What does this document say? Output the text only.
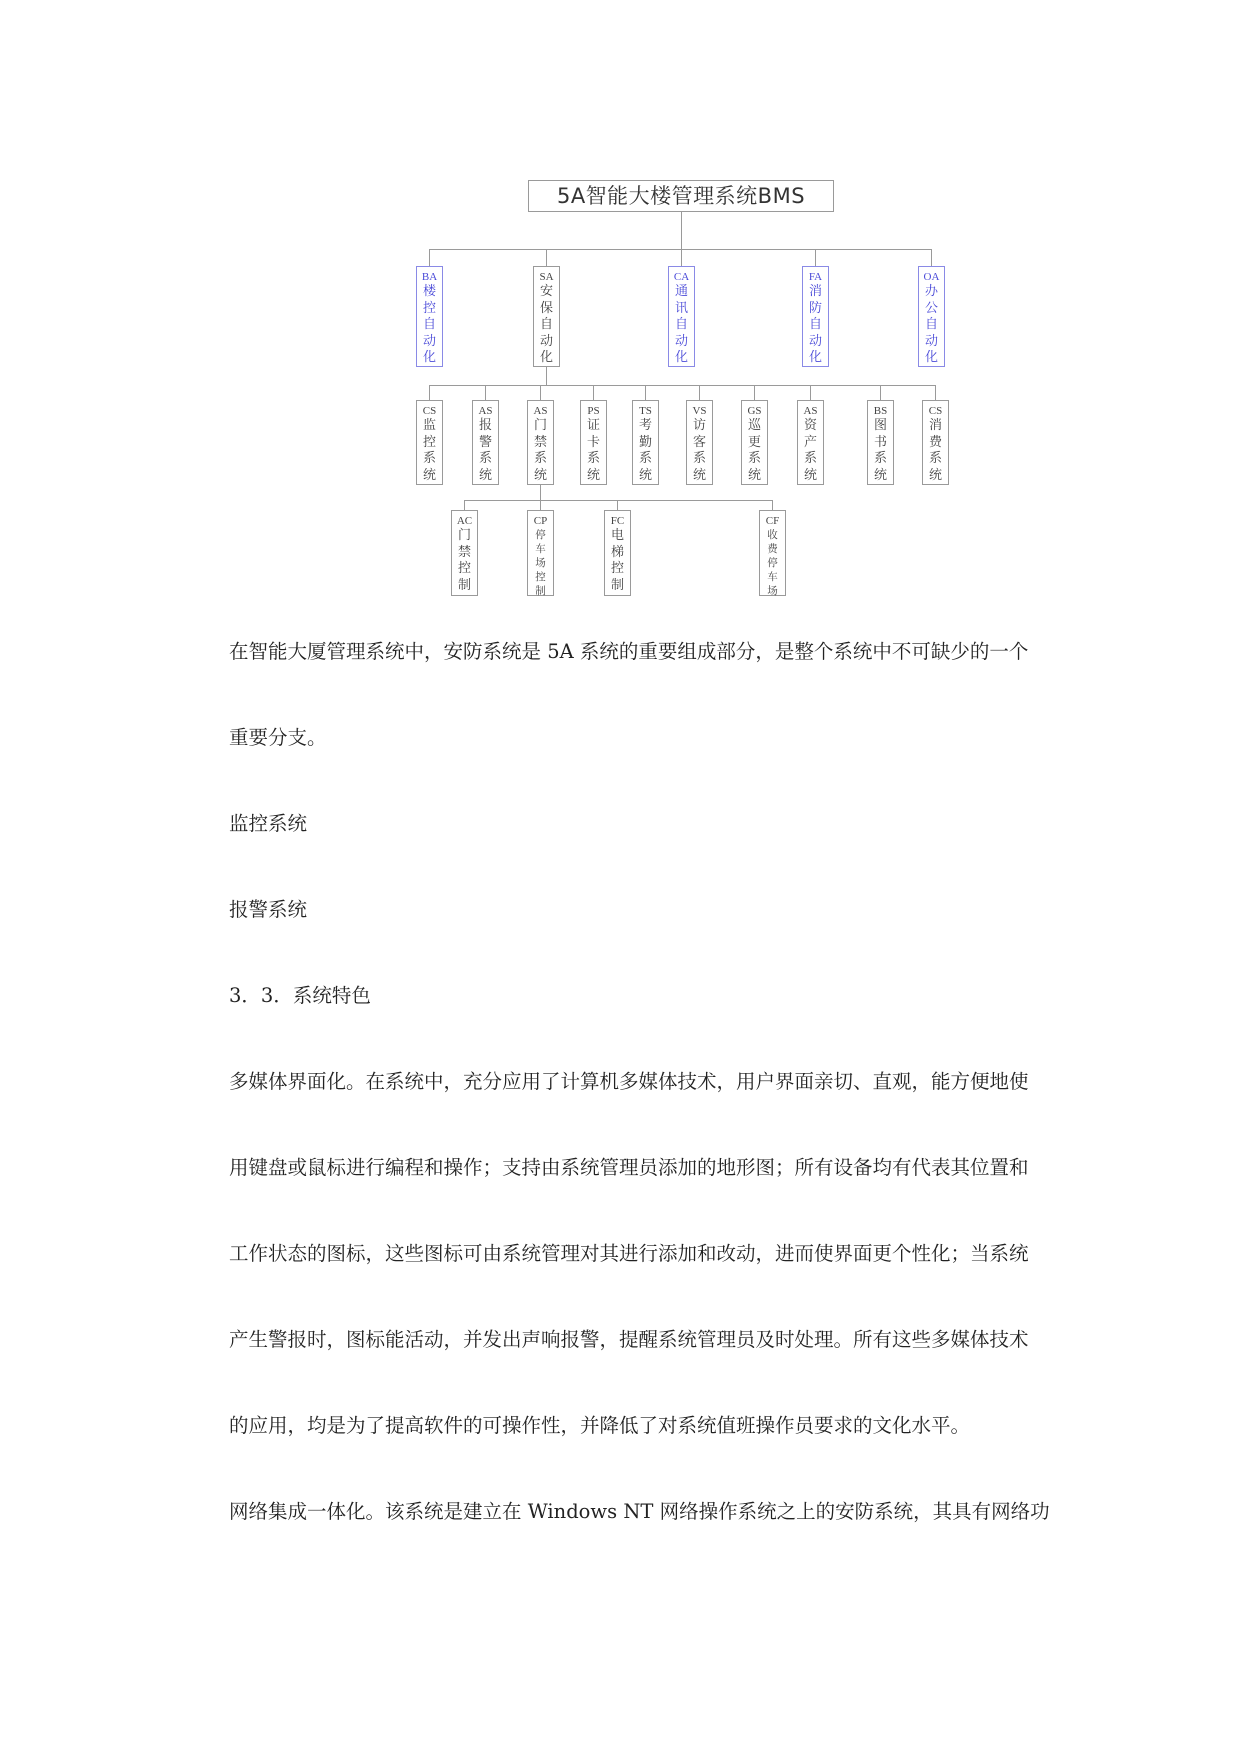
5A智能大楼管理系统BMS
BA
楼
控
自
动
化
SA
安
保
自
动
化
CA
通
讯
自
动
化
FA
消
防
自
动
化
OA
办
公
自
动
化
CS
监
控
系
统
AS
报
警
系
统
AS
门
禁
系
统
PS
证
卡
系
统
TS
考
勤
系
统
VS
访
客
系
统
GS
巡
更
系
统
AS
资
产
系
统
BS
图
书
系
统
CS
消
费
系
统
AC
门
禁
控
制
CP
停
车
场
控
制
FC
电
梯
控
制
CF
收
费
停
车
场
在智能大厦管理系统中，安防系统是 5A 系统的重要组成部分，是整个系统中不可缺少的一个
重要分支。
监控系统
报警系统
3．3．系统特色
多媒体界面化。在系统中，充分应用了计算机多媒体技术，用户界面亲切、直观，能方便地使
用键盘或鼠标进行编程和操作；支持由系统管理员添加的地形图；所有设备均有代表其位置和
工作状态的图标，这些图标可由系统管理对其进行添加和改动，进而使界面更个性化；当系统
产生警报时，图标能活动，并发出声响报警，提醒系统管理员及时处理。所有这些多媒体技术
的应用，均是为了提高软件的可操作性，并降低了对系统值班操作员要求的文化水平。
网络集成一体化。该系统是建立在 Windows NT 网络操作系统之上的安防系统，其具有网络功
